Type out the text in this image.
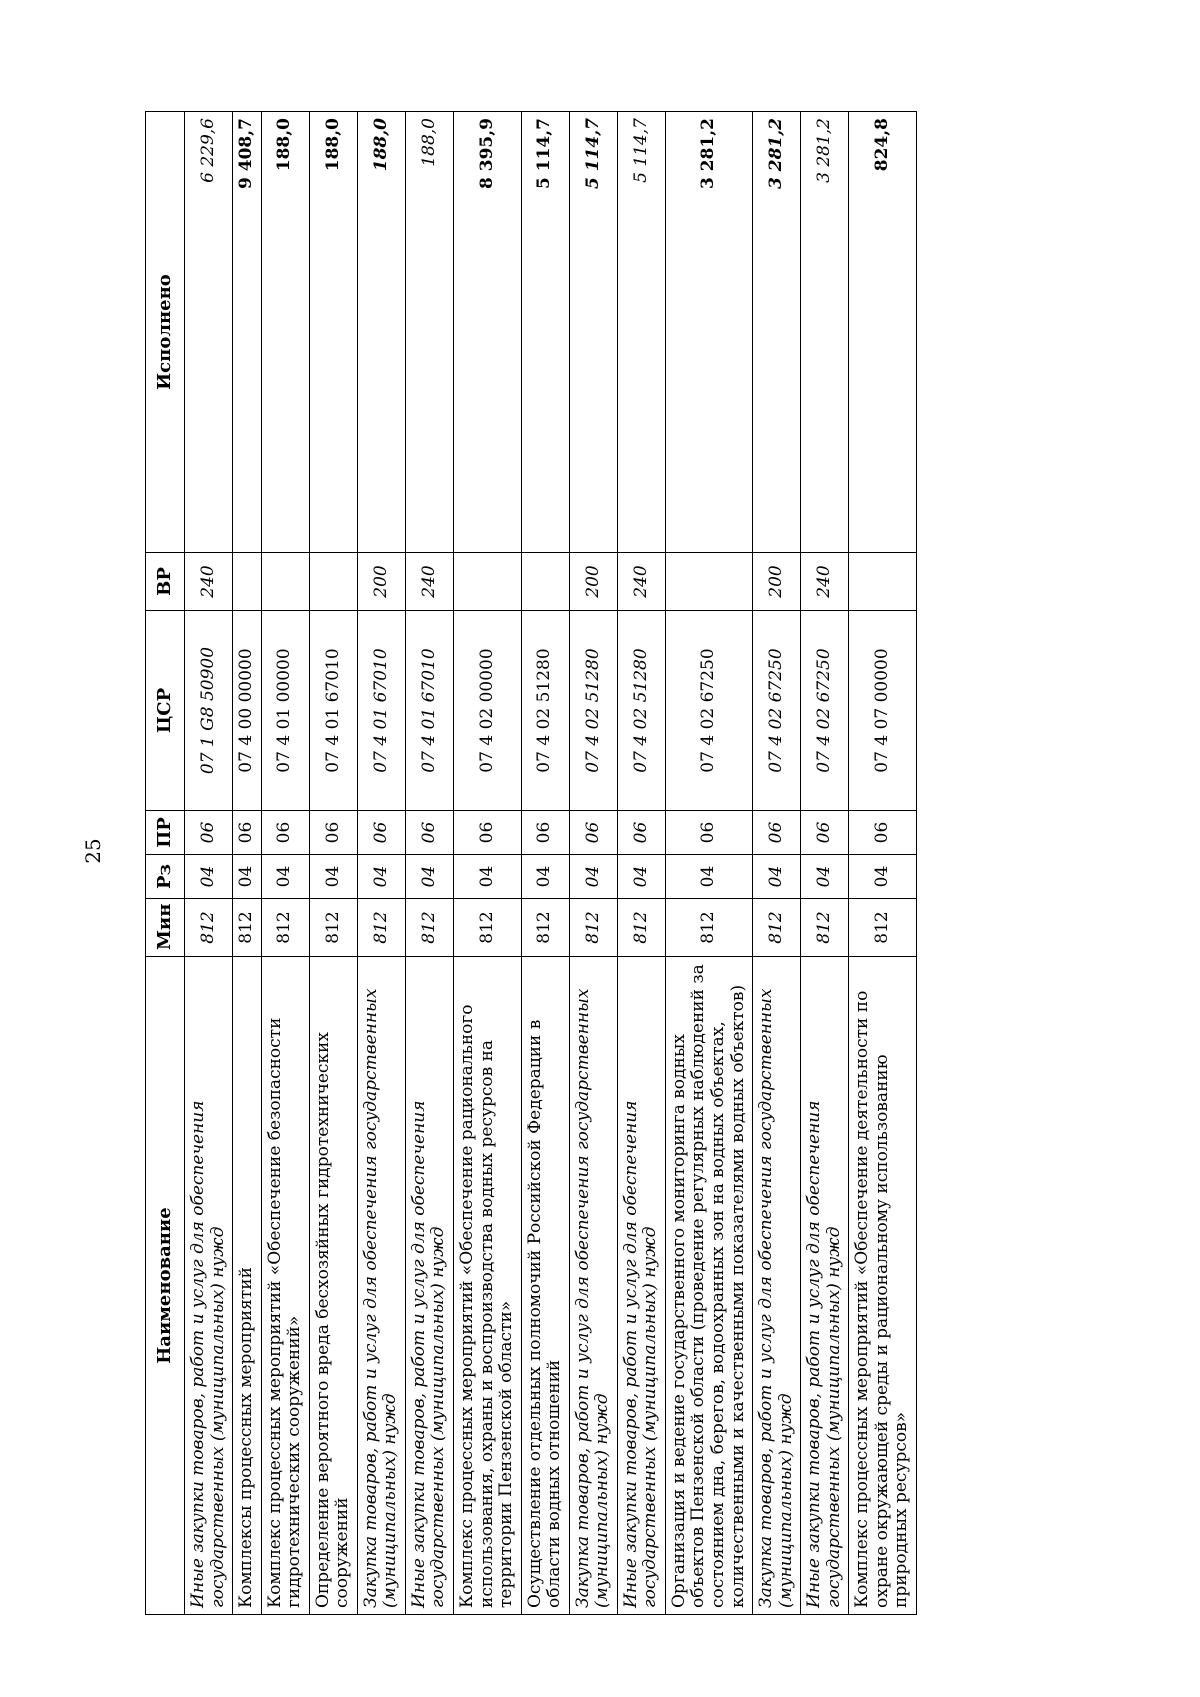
25
Наименование	Мин	Рз	ПР	ЦСР	ВР	Исполнено
Иные закупки товаров, работ и услуг для обеспечения государственных (муниципальных) нужд	812	04	06	07 1 G8 50900	240	6 229,6
Комплексы процессных мероприятий	812	04	06	07 4 00 00000		9 408,7
Комплекс процессных мероприятий «Обеспечение безопасности гидротехнических сооружений»	812	04	06	07 4 01 00000		188,0
Определение вероятного вреда бесхозяйных гидротехнических сооружений	812	04	06	07 4 01 67010		188,0
Закупка товаров, работ и услуг для обеспечения государственных (муниципальных) нужд	812	04	06	07 4 01 67010	200	188,0
Иные закупки товаров, работ и услуг для обеспечения государственных (муниципальных) нужд	812	04	06	07 4 01 67010	240	188,0
Комплекс процессных мероприятий «Обеспечение рационального использования, охраны и воспроизводства водных ресурсов на территории Пензенской области»	812	04	06	07 4 02 00000		8 395,9
Осуществление отдельных полномочий Российской Федерации в области водных отношений	812	04	06	07 4 02 51280		5 114,7
Закупка товаров, работ и услуг для обеспечения государственных (муниципальных) нужд	812	04	06	07 4 02 51280	200	5 114,7
Иные закупки товаров, работ и услуг для обеспечения государственных (муниципальных) нужд	812	04	06	07 4 02 51280	240	5 114,7
Организация и ведение государственного мониторинга водных объектов Пензенской области (проведение регулярных наблюдений за состоянием дна, берегов, водоохранных зон на водных объектах, количественными и качественными показателями водных объектов)	812	04	06	07 4 02 67250		3 281,2
Закупка товаров, работ и услуг для обеспечения государственных (муниципальных) нужд	812	04	06	07 4 02 67250	200	3 281,2
Иные закупки товаров, работ и услуг для обеспечения государственных (муниципальных) нужд	812	04	06	07 4 02 67250	240	3 281,2
Комплекс процессных мероприятий «Обеспечение деятельности по охране окружающей среды и рациональному использованию природных ресурсов»	812	04	06	07 4 07 00000		824,8
